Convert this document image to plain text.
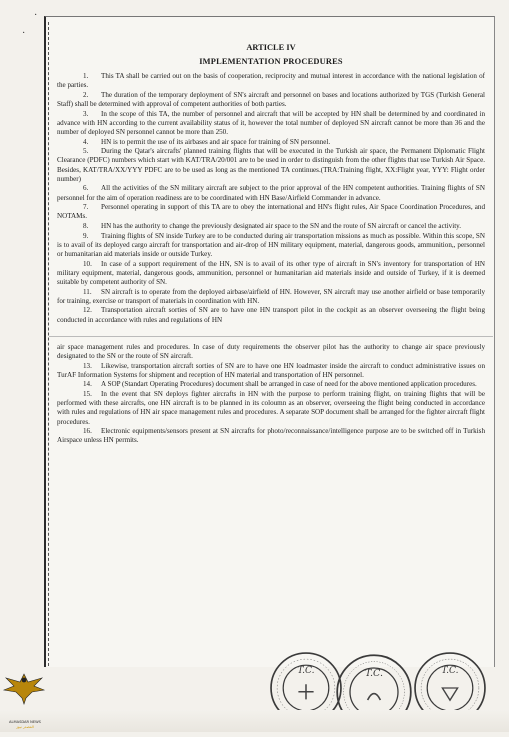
·
·
ARTICLE IV
IMPLEMENTATION PROCEDURES

1. This TA shall be carried out on the basis of cooperation, reciprocity and mutual interest in accordance with the national legislation of the parties.

2. The duration of the temporary deployment of SN's aircraft and personnel on bases and locations authorized by TGS (Turkish General Staff) shall be determined with approval of competent authorities of both parties.

3. In the scope of this TA, the number of personnel and aircraft that will be accepted by HN shall be determined by and coordinated in advance with HN according to the current availability status of it, however the total number of deployed SN aircraft cannot be more than 36 and the number of deployed SN personnel cannot be more than 250.

4. HN is to permit the use of its airbases and air space for training of SN personnel.

5. During the Qatar's aircrafts' planned training flights that will be executed in the Turkish air space, the Permanent Diplomatic Flight Clearance (PDFC) numbers which start with KAT/TRA/20/001 are to be used in order to distinguish from the other flights that use Turkish Air Space. Besides, KAT/TRA/XX/YYY PDFC are to be used as long as the mentioned TA continues.(TRA:Training flight, XX:Flight year, YYY: Flight order number)

6. All the activities of the SN military aircraft are subject to the prior approval of the HN competent authorities. Training flights of SN personnel for the aim of operation readiness are to be coordinated with HN Base/Airfield Commander in advance.

7. Personnel operating in support of this TA are to obey the international and HN's flight rules, Air Space Coordination Procedures, and NOTAMs.

8. HN has the authority to change the previously designated air space to the SN and the route of SN aircraft or cancel the activity.

9. Training flights of SN inside Turkey are to be conducted during air transportation missions as much as possible. Within this scope, SN is to avail of its deployed cargo aircraft for transportation and air-drop of HN military equipment, material, dangerous goods, ammunition,, personnel or humanitarian aid materials inside or outside Turkey.

10. In case of a support requirement of the HN, SN is to avail of its other type of aircraft in SN's inventory for transportation of HN military equipment, material, dangerous goods, ammunition, personnel or humanitarian aid materials inside and outside of Turkey, if it is deemed suitable by competent authority of SN.

11. SN aircraft is to operate from the deployed airbase/airfield of HN. However, SN aircraft may use another airfield or base temporarily for training, exercise or transport of materials in coordination with HN.

12. Transportation aircraft sorties of SN are to have one HN transport pilot in the cockpit as an observer overseeing the flight being conducted in accordance with rules and regulations of HN

air space management rules and procedures. In case of duty requirements the observer pilot has the authority to change air space previously designated to the SN or the route of SN aircraft.

13. Likewise, transportation aircraft sorties of SN are to have one HN loadmaster inside the aircraft to conduct administrative issues on TurAF Information Systems for shipment and reception of HN material and transportation of HN personnel.

14. A SOP (Standart Operating Procedures) document shall be arranged in case of need for the above mentioned application procedures.

15. In the event that SN deploys fighter aircrafts in HN with the purpose to perform training flight, on training flights that will be performed with these aircrafts, one HN aircraft is to be planned in its coloumn as an observer, overseeing the flight being conducted in accordance with rules and regulations of HN air space management rules and procedures. A separate SOP document shall be arranged for the fighter aircraft flight procedures.

16. Electronic equipments/sensors present at SN aircrafts for photo/reconnaissance/intelligence purpose are to be switched off in Turkish Airspace unless HN permits.

T.C.	T.C.	T.C.
ALMASDAR NEWS
المصدر نيوز
